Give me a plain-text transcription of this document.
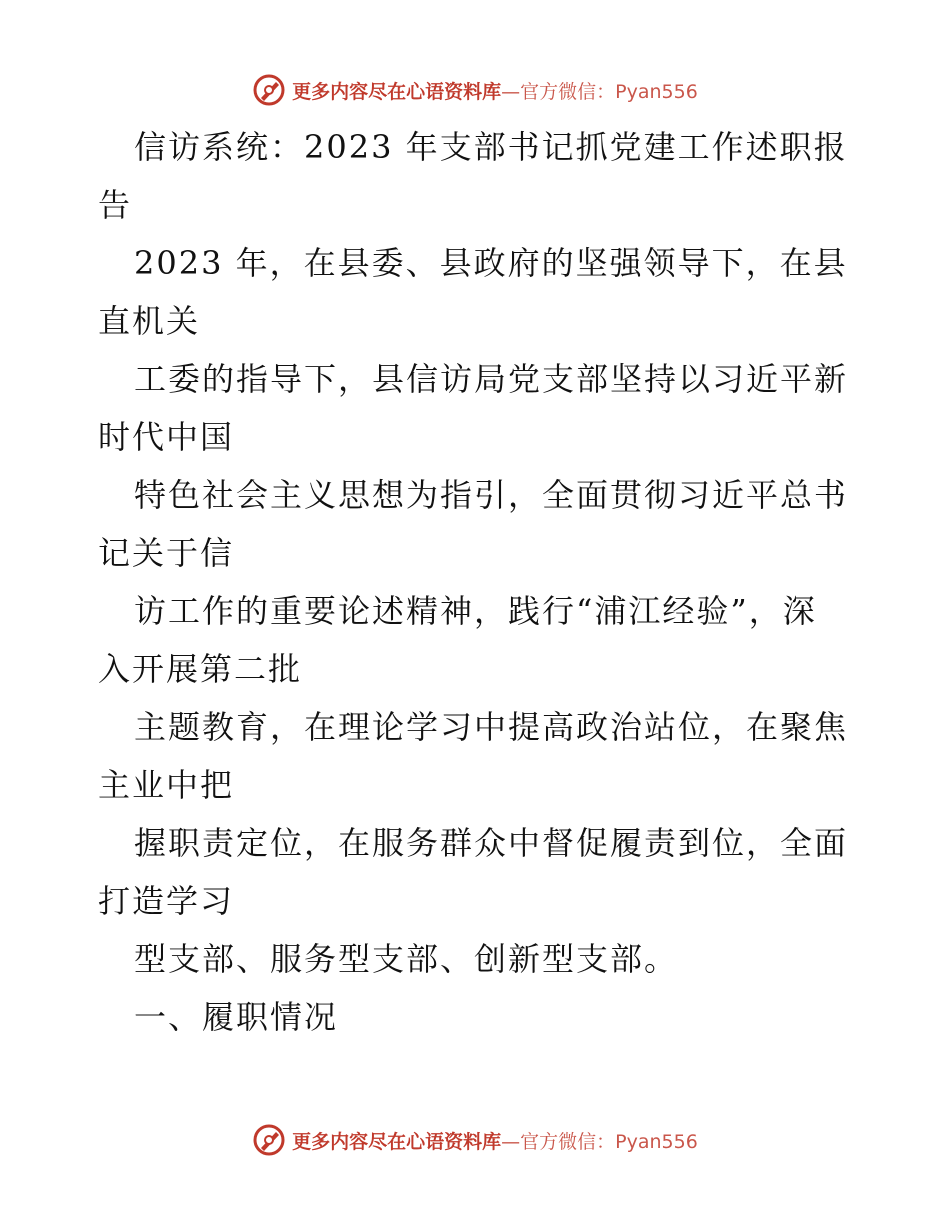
更多内容尽在心语资料库—官方微信：Pyan556
信访系统：2023 年支部书记抓党建工作述职报
告
2023 年，在县委、县政府的坚强领导下，在县
直机关
工委的指导下，县信访局党支部坚持以习近平新
时代中国
特色社会主义思想为指引，全面贯彻习近平总书
记关于信
访工作的重要论述精神，践行“浦江经验”，深
入开展第二批
主题教育，在理论学习中提高政治站位，在聚焦
主业中把
握职责定位，在服务群众中督促履责到位，全面
打造学习
型支部、服务型支部、创新型支部。
一、履职情况
更多内容尽在心语资料库—官方微信：Pyan556
